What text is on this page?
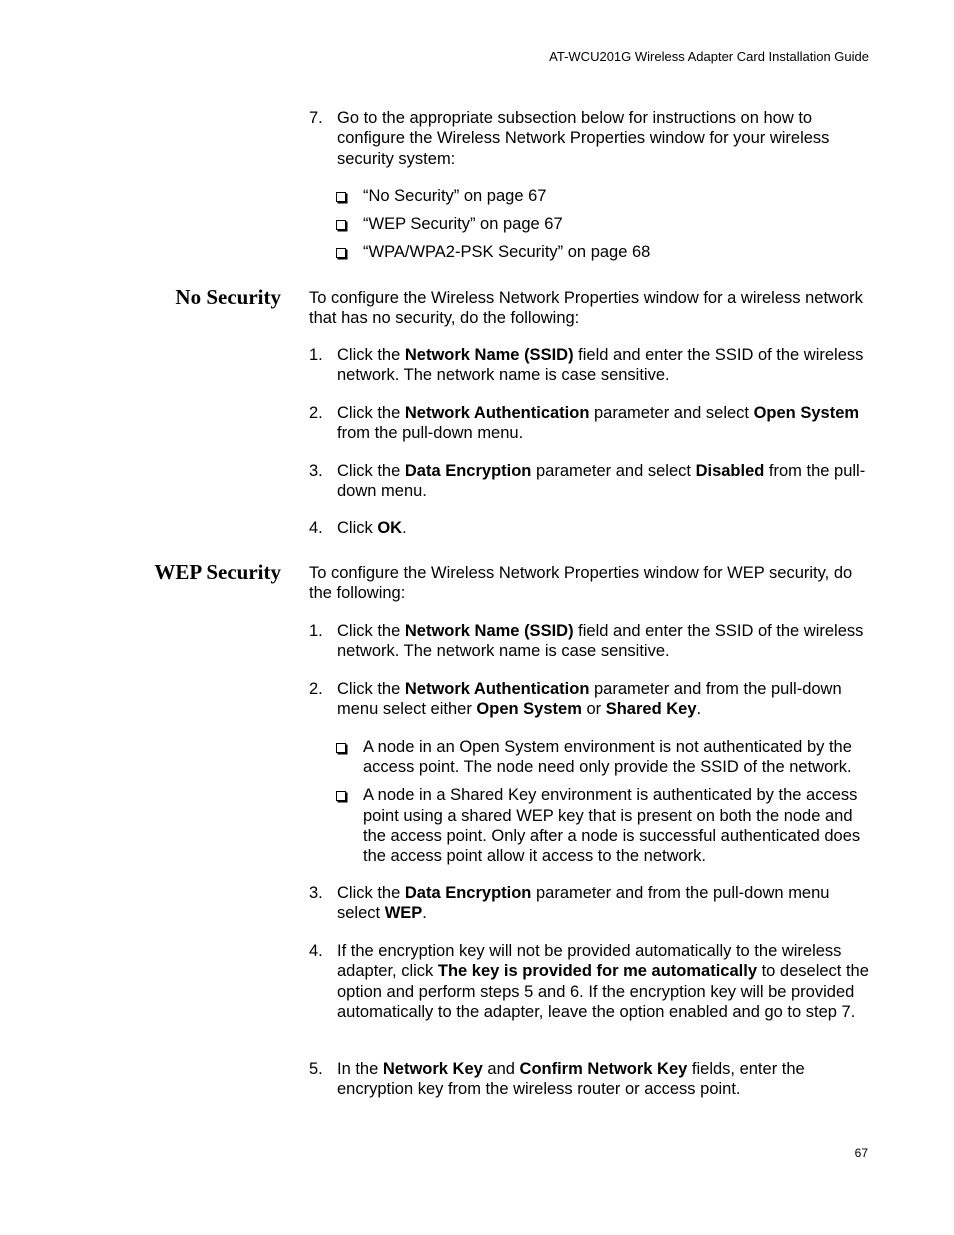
AT-WCU201G Wireless Adapter Card Installation Guide
7. Go to the appropriate subsection below for instructions on how to configure the Wireless Network Properties window for your wireless security system:
“No Security” on page 67
“WEP Security” on page 67
“WPA/WPA2-PSK Security” on page 68
No Security To configure the Wireless Network Properties window for a wireless network that has no security, do the following:
1. Click the Network Name (SSID) field and enter the SSID of the wireless network. The network name is case sensitive.
2. Click the Network Authentication parameter and select Open System from the pull-down menu.
3. Click the Data Encryption parameter and select Disabled from the pull-down menu.
4. Click OK.
WEP Security To configure the Wireless Network Properties window for WEP security, do the following:
1. Click the Network Name (SSID) field and enter the SSID of the wireless network. The network name is case sensitive.
2. Click the Network Authentication parameter and from the pull-down menu select either Open System or Shared Key.
A node in an Open System environment is not authenticated by the access point. The node need only provide the SSID of the network.
A node in a Shared Key environment is authenticated by the access point using a shared WEP key that is present on both the node and the access point. Only after a node is successful authenticated does the access point allow it access to the network.
3. Click the Data Encryption parameter and from the pull-down menu select WEP.
4. If the encryption key will not be provided automatically to the wireless adapter, click The key is provided for me automatically to deselect the option and perform steps 5 and 6. If the encryption key will be provided automatically to the adapter, leave the option enabled and go to step 7.
5. In the Network Key and Confirm Network Key fields, enter the encryption key from the wireless router or access point.
67
